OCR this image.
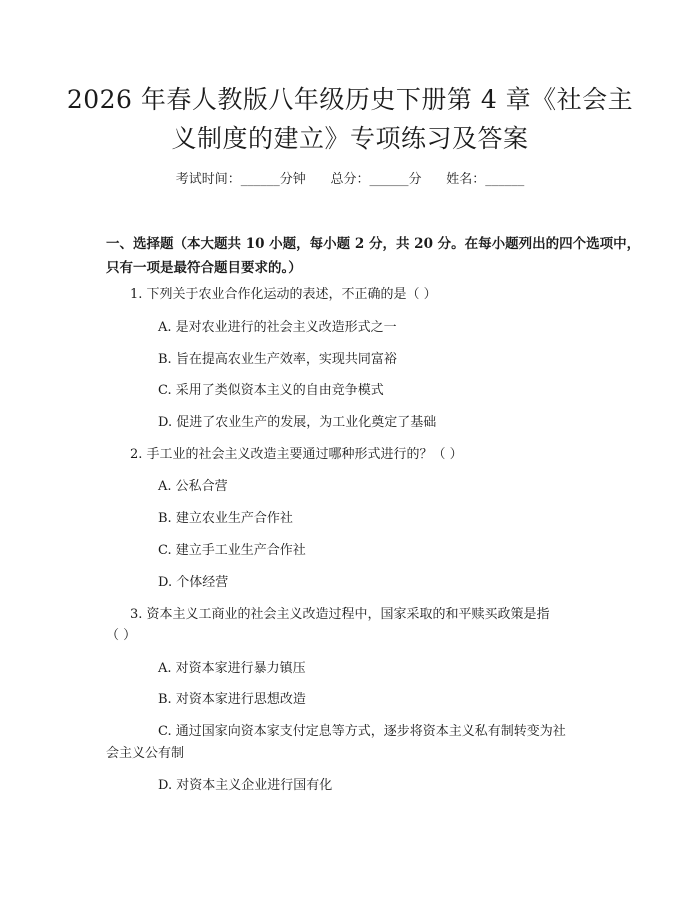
2026 年春人教版八年级历史下册第 4 章《社会主义制度的建立》专项练习及答案
考试时间：______分钟      总分：______分      姓名：______
一、选择题（本大题共 10 小题，每小题 2 分，共 20 分。在每小题列出的四个选项中，只有一项是最符合题目要求的。）
1. 下列关于农业合作化运动的表述，不正确的是（ ）
A. 是对农业进行的社会主义改造形式之一
B. 旨在提高农业生产效率，实现共同富裕
C. 采用了类似资本主义的自由竞争模式
D. 促进了农业生产的发展，为工业化奠定了基础
2. 手工业的社会主义改造主要通过哪种形式进行的？（ ）
A. 公私合营
B. 建立农业生产合作社
C. 建立手工业生产合作社
D. 个体经营
3. 资本主义工商业的社会主义改造过程中，国家采取的和平赎买政策是指
（ ）
A. 对资本家进行暴力镇压
B. 对资本家进行思想改造
C. 通过国家向资本家支付定息等方式，逐步将资本主义私有制转变为社
会主义公有制
D. 对资本主义企业进行国有化
